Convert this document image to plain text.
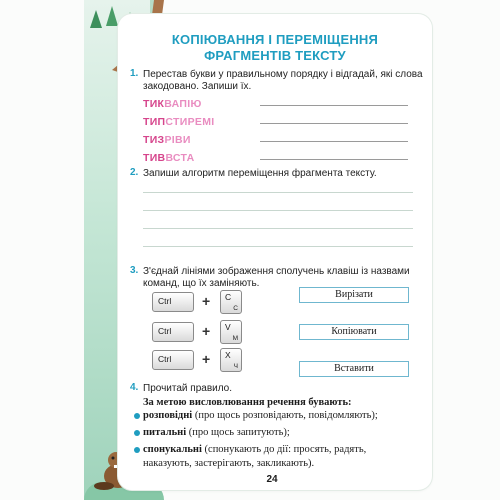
КОПІЮВАННЯ І ПЕРЕМІЩЕННЯ
ФРАГМЕНТІВ ТЕКСТУ
1. Перестав букви у правильному порядку і відгадай, які слова
закодовано. Запиши їх.
ТИКВАПІЮ
ТИПСТИРЕМІ
ТИЗРІВИ
ТИВВСТА
2. Запиши алгоритм переміщення фрагмента тексту.
3. З'єднай лініями зображення сполучень клавіш із назвами
команд, що їх заміняють.
Ctrl + C
С
Ctrl + V
М
Ctrl + X
Ч
Вирізати
Копіювати
Вставити
4. Прочитай правило.
За метою висловлювання речення бувають:
розповідні (про щось розповідають, повідомляють);
питальні (про щось запитують);
спонукальні (спонукають до дії: просять, радять,
наказують, застерігають, закликають).
24
